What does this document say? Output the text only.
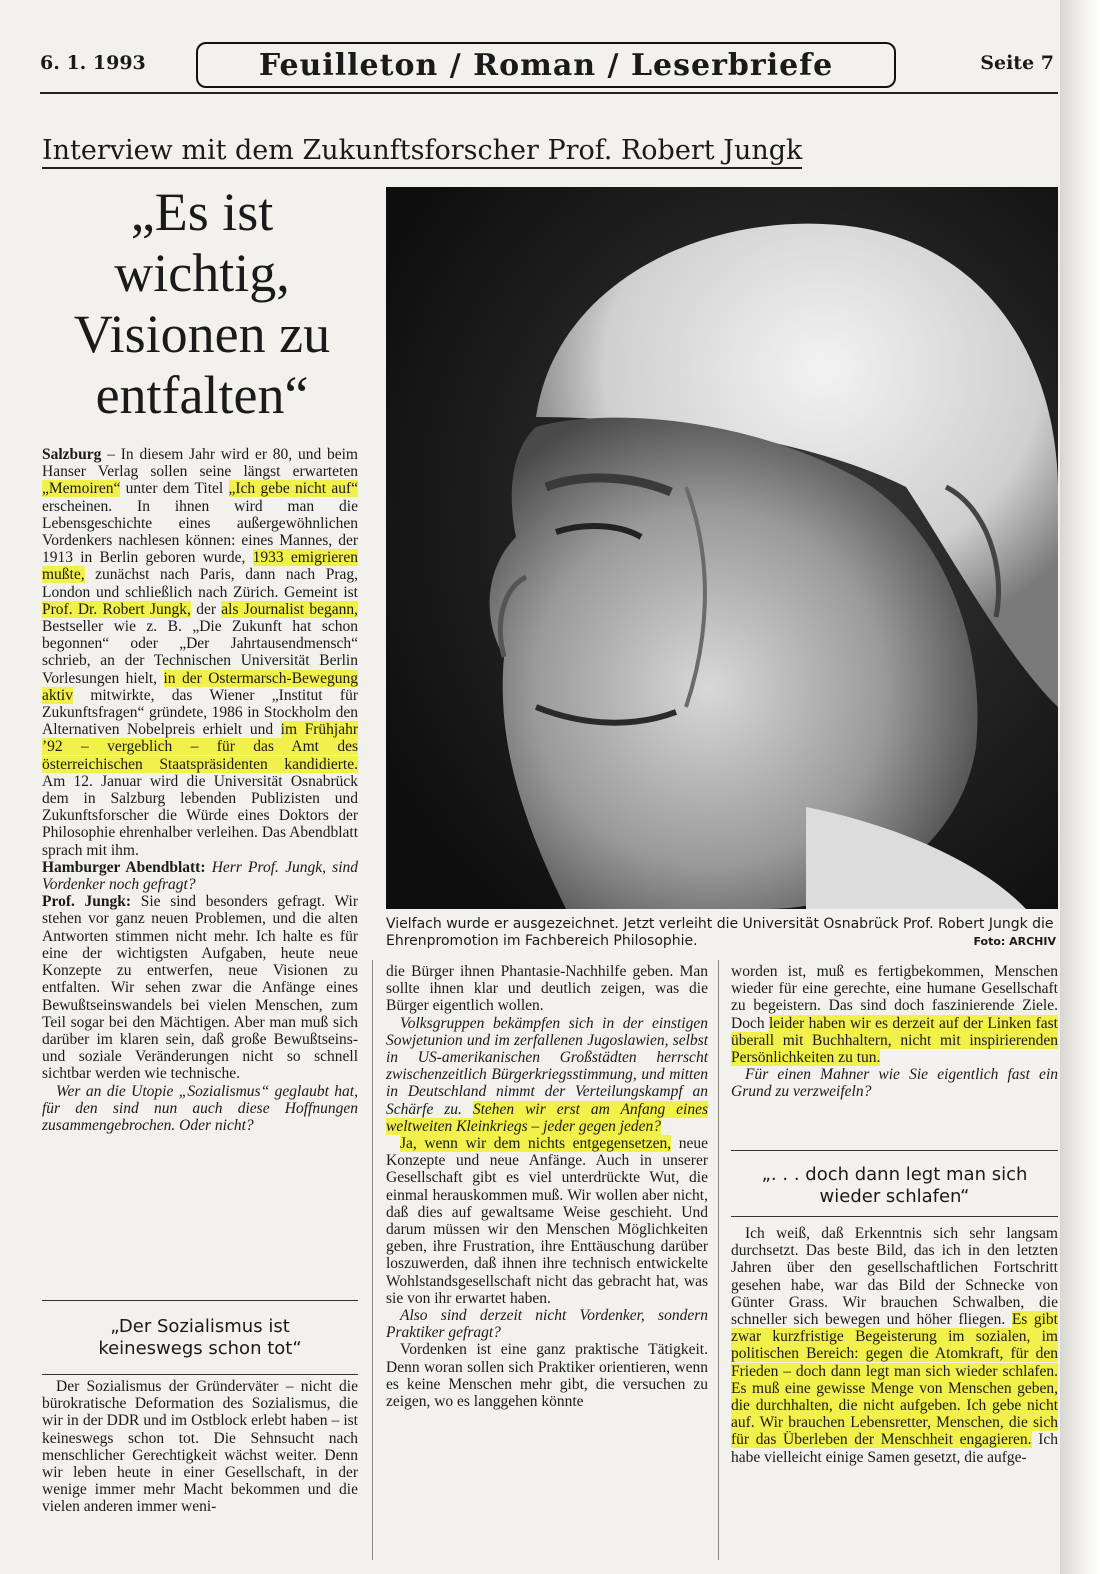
6. 1. 1993	Feuilleton / Roman / Leserbriefe	Seite 7
Interview mit dem Zukunftsforscher Prof. Robert Jungk
„Es ist
wichtig,
Visionen zu
entfalten“

Salzburg – In diesem Jahr wird er 80, und beim Hanser Verlag sollen seine längst erwarteten „Memoiren“ unter dem Titel „Ich gebe nicht auf“ erscheinen. In ihnen wird man die Lebensgeschichte eines außergewöhnlichen Vordenkers nachlesen können: eines Mannes, der 1913 in Berlin geboren wurde, 1933 emigrieren mußte, zunächst nach Paris, dann nach Prag, London und schließlich nach Zürich. Gemeint ist Prof. Dr. Robert Jungk, der als Journalist begann, Bestseller wie z. B. „Die Zukunft hat schon begonnen“ oder „Der Jahrtausendmensch“ schrieb, an der Technischen Universität Berlin Vorlesungen hielt, in der Ostermarsch-Bewegung aktiv mitwirkte, das Wiener „Institut für Zukunftsfragen“ gründete, 1986 in Stockholm den Alternativen Nobelpreis erhielt und im Frühjahr ’92 – vergeblich – für das Amt des österreichischen Staatspräsidenten kandidierte. Am 12. Januar wird die Universität Osnabrück dem in Salzburg lebenden Publizisten und Zukunftsforscher die Würde eines Doktors der Philosophie ehrenhalber verleihen. Das Abendblatt sprach mit ihm.

Hamburger Abendblatt: Herr Prof. Jungk, sind Vordenker noch gefragt?

Prof. Jungk: Sie sind besonders gefragt. Wir stehen vor ganz neuen Problemen, und die alten Antworten stimmen nicht mehr. Ich halte es für eine der wichtigsten Aufgaben, heute neue Konzepte zu entwerfen, neue Visionen zu entfalten. Wir sehen zwar die Anfänge eines Bewußtseinswandels bei vielen Menschen, zum Teil sogar bei den Mächtigen. Aber man muß sich darüber im klaren sein, daß große Bewußtseins- und soziale Veränderungen nicht so schnell sichtbar werden wie technische.

Wer an die Utopie „Sozialismus“ geglaubt hat, für den sind nun auch diese Hoffnungen zusammengebrochen. Oder nicht?

„Der Sozialismus ist keineswegs schon tot“

Der Sozialismus der Gründerväter – nicht die bürokratische Deformation des Sozialismus, die wir in der DDR und im Ostblock erlebt haben – ist keineswegs schon tot. Die Sehnsucht nach menschlicher Gerechtigkeit wächst weiter. Denn wir leben heute in einer Gesellschaft, in der wenige immer mehr Macht bekommen und die vielen anderen immer weni-

Vielfach wurde er ausgezeichnet. Jetzt verleiht die Universität Osnabrück Prof. Robert Jungk die Ehrenpromotion im Fachbereich Philosophie.	Foto: ARCHIV

die Bürger ihnen Phantasie-Nachhilfe geben. Man sollte ihnen klar und deutlich zeigen, was die Bürger eigentlich wollen.

Volksgruppen bekämpfen sich in der einstigen Sowjetunion und im zerfallenen Jugoslawien, selbst in US-amerikanischen Großstädten herrscht zwischenzeitlich Bürgerkriegsstimmung, und mitten in Deutschland nimmt der Verteilungskampf an Schärfe zu. Stehen wir erst am Anfang eines weltweiten Kleinkriegs – jeder gegen jeden?

Ja, wenn wir dem nichts entgegensetzen, neue Konzepte und neue Anfänge. Auch in unserer Gesellschaft gibt es viel unterdrückte Wut, die einmal herauskommen muß. Wir wollen aber nicht, daß dies auf gewaltsame Weise geschieht. Und darum müssen wir den Menschen Möglichkeiten geben, ihre Frustration, ihre Enttäuschung darüber loszuwerden, daß ihnen ihre technisch entwickelte Wohlstandsgesellschaft nicht das gebracht hat, was sie von ihr erwartet haben.

Also sind derzeit nicht Vordenker, sondern Praktiker gefragt?

Vordenken ist eine ganz praktische Tätigkeit. Denn woran sollen sich Praktiker orientieren, wenn es keine Menschen mehr gibt, die versuchen zu zeigen, wo es langgehen könnte

worden ist, muß es fertigbekommen, Menschen wieder für eine gerechte, eine humane Gesellschaft zu begeistern. Das sind doch faszinierende Ziele. Doch leider haben wir es derzeit auf der Linken fast überall mit Buchhaltern, nicht mit inspirierenden Persönlichkeiten zu tun.

Für einen Mahner wie Sie eigentlich fast ein Grund zu verzweifeln?

„. . . doch dann legt man sich wieder schlafen“

Ich weiß, daß Erkenntnis sich sehr langsam durchsetzt. Das beste Bild, das ich in den letzten Jahren über den gesellschaftlichen Fortschritt gesehen habe, war das Bild der Schnecke von Günter Grass. Wir brauchen Schwalben, die schneller sich bewegen und höher fliegen. Es gibt zwar kurzfristige Begeisterung im sozialen, im politischen Bereich: gegen die Atomkraft, für den Frieden – doch dann legt man sich wieder schlafen. Es muß eine gewisse Menge von Menschen geben, die durchhalten, die nicht aufgeben. Ich gebe nicht auf. Wir brauchen Lebensretter, Menschen, die sich für das Überleben der Menschheit engagieren. Ich habe vielleicht einige Samen gesetzt, die aufge-
